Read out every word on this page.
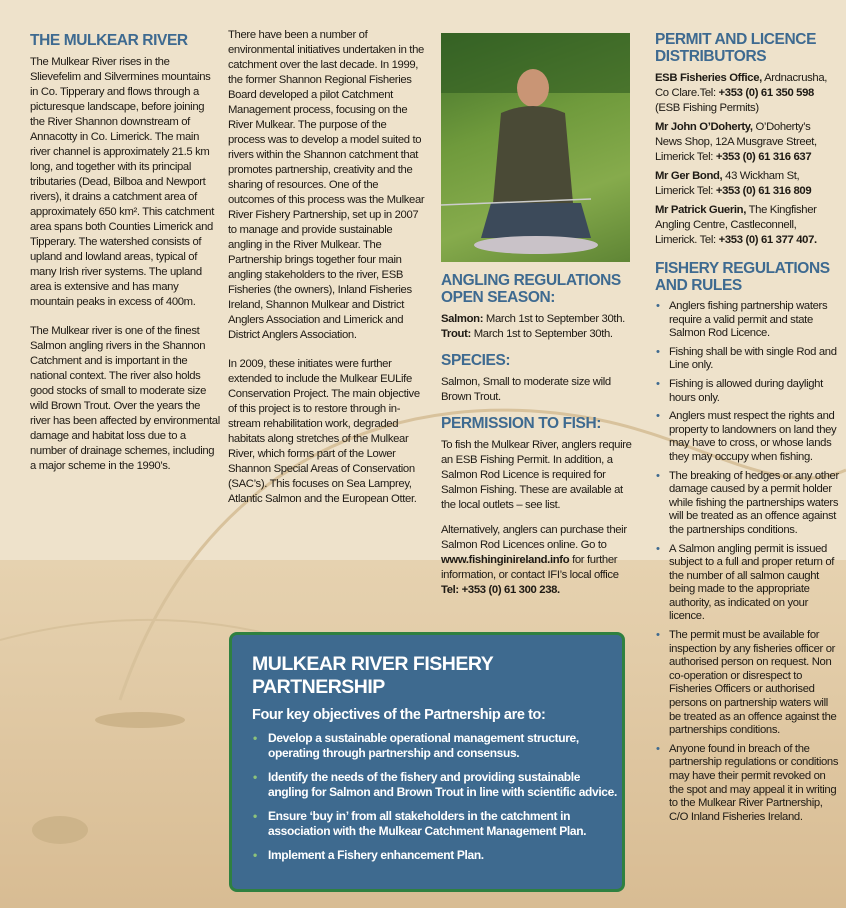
THE MULKEAR RIVER

The Mulkear River rises in the Slievefelim and Silvermines mountains in Co. Tipperary and flows through a picturesque landscape, before joining the River Shannon downstream of Annacotty in Co. Limerick. The main river channel is approximately 21.5 km long, and together with its principal tributaries (Dead, Bilboa and Newport rivers), it drains a catchment area of approximately 650 km². This catchment area spans both Counties Limerick and Tipperary. The watershed consists of upland and lowland areas, typical of many Irish river systems. The upland area is extensive and has many mountain peaks in excess of 400m.

The Mulkear river is one of the finest Salmon angling rivers in the Shannon Catchment and is important in the national context. The river also holds good stocks of small to moderate size wild Brown Trout. Over the years the river has been affected by environmental damage and habitat loss due to a number of drainage schemes, including a major scheme in the 1990’s.

There have been a number of environmental initiatives undertaken in the catchment over the last decade. In 1999, the former Shannon Regional Fisheries Board developed a pilot Catchment Management process, focusing on the River Mulkear. The purpose of the process was to develop a model suited to rivers within the Shannon catchment that promotes partnership, creativity and the sharing of resources. One of the outcomes of this process was the Mulkear River Fishery Partnership, set up in 2007 to manage and provide sustainable angling in the River Mulkear. The Partnership brings together four main angling stakeholders to the river, ESB Fisheries (the owners), Inland Fisheries Ireland, Shannon Mulkear and District Anglers Association and Limerick and District Anglers Association.

In 2009, these initiates were further extended to include the Mulkear EULife Conservation Project. The main objective of this project is to restore through in-stream rehabilitation work, degraded habitats along stretches of the Mulkear River, which forms part of the Lower Shannon Special Areas of Conservation (SAC’s). This focuses on Sea Lamprey, Atlantic Salmon and the European Otter.

ANGLING REGULATIONS OPEN SEASON:

Salmon: March 1st to September 30th.
Trout: March 1st to September 30th.

SPECIES:

Salmon, Small to moderate size wild Brown Trout.

PERMISSION TO FISH:

To fish the Mulkear River, anglers require an ESB Fishing Permit. In addition, a Salmon Rod Licence is required for Salmon Fishing. These are available at the local outlets – see list.

Alternatively, anglers can purchase their Salmon Rod Licences online. Go to www.fishinginireland.info for further information, or contact IFI’s local office Tel: +353 (0) 61 300 238.

PERMIT AND LICENCE DISTRIBUTORS

ESB Fisheries Office, Ardnacrusha, Co Clare.Tel: +353 (0) 61 350 598 (ESB Fishing Permits)

Mr John O’Doherty, O’Doherty’s News Shop, 12A Musgrave Street, Limerick Tel: +353 (0) 61 316 637

Mr Ger Bond, 43 Wickham St, Limerick Tel: +353 (0) 61 316 809

Mr Patrick Guerin, The Kingfisher Angling Centre, Castleconnell, Limerick. Tel: +353 (0) 61 377 407.

FISHERY REGULATIONS AND RULES
• Anglers fishing partnership waters require a valid permit and state Salmon Rod Licence.
• Fishing shall be with single Rod and Line only.
• Fishing is allowed during daylight hours only.
• Anglers must respect the rights and property to landowners on land they may have to cross, or whose lands they may occupy when fishing.
• The breaking of hedges or any other damage caused by a permit holder while fishing the partnerships waters will be treated as an offence against the partnerships conditions.
• A Salmon angling permit is issued subject to a full and proper return of the number of all salmon caught being made to the appropriate authority, as indicated on your licence.
• The permit must be available for inspection by any fisheries officer or authorised person on request. Non co-operation or disrespect to Fisheries Officers or authorised persons on partnership waters will be treated as an offence against the partnerships conditions.
• Anyone found in breach of the partnership regulations or conditions may have their permit revoked on the spot and may appeal it in writing to the Mulkear River Partnership, C/O Inland Fisheries Ireland.
MULKEAR RIVER FISHERY PARTNERSHIP
Four key objectives of the Partnership are to:
• Develop a sustainable operational management structure, operating through partnership and consensus.
• Identify the needs of the fishery and providing sustainable angling for Salmon and Brown Trout in line with scientific advice.
• Ensure ‘buy in’ from all stakeholders in the catchment in association with the Mulkear Catchment Management Plan.
• Implement a Fishery enhancement Plan.
